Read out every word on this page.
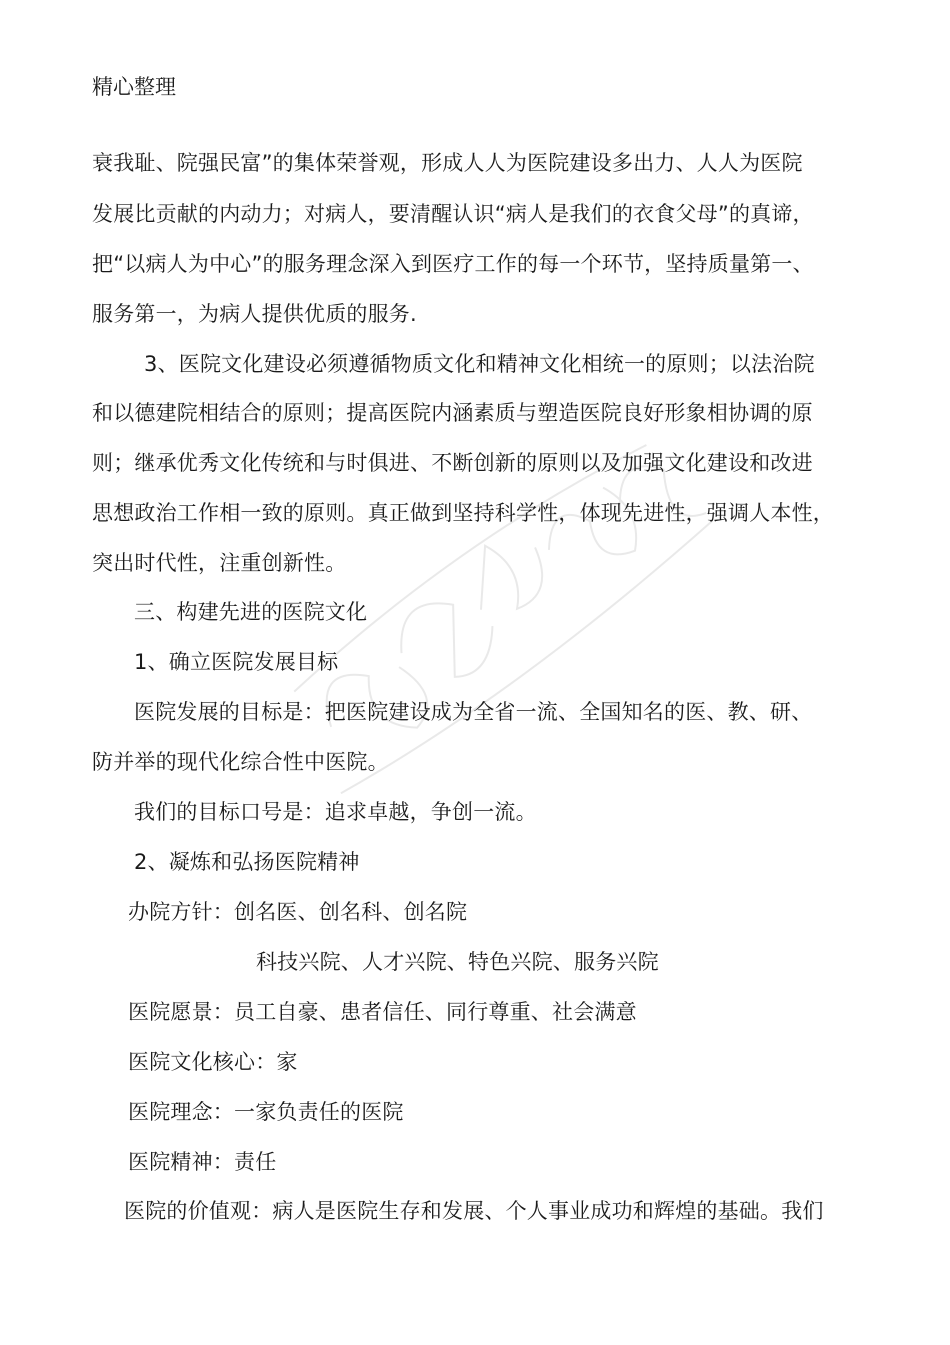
精心整理
衰我耻、院强民富”的集体荣誉观，形成人人为医院建设多出力、人人为医院
发展比贡献的内动力；对病人，要清醒认识“病人是我们的衣食父母”的真谛，
把“以病人为中心”的服务理念深入到医疗工作的每一个环节，坚持质量第一、
服务第一，为病人提供优质的服务.
3、医院文化建设必须遵循物质文化和精神文化相统一的原则；以法治院
和以德建院相结合的原则；提高医院内涵素质与塑造医院良好形象相协调的原
则；继承优秀文化传统和与时俱进、不断创新的原则以及加强文化建设和改进
思想政治工作相一致的原则。真正做到坚持科学性，体现先进性，强调人本性，
突出时代性，注重创新性。
三、构建先进的医院文化
1、确立医院发展目标
医院发展的目标是：把医院建设成为全省一流、全国知名的医、教、研、
防并举的现代化综合性中医院。
我们的目标口号是：追求卓越，争创一流。
2、凝炼和弘扬医院精神
办院方针：创名医、创名科、创名院
科技兴院、人才兴院、特色兴院、服务兴院
医院愿景：员工自豪、患者信任、同行尊重、社会满意
医院文化核心：家
医院理念：一家负责任的医院
医院精神：责任
医院的价值观：病人是医院生存和发展、个人事业成功和辉煌的基础。我们
